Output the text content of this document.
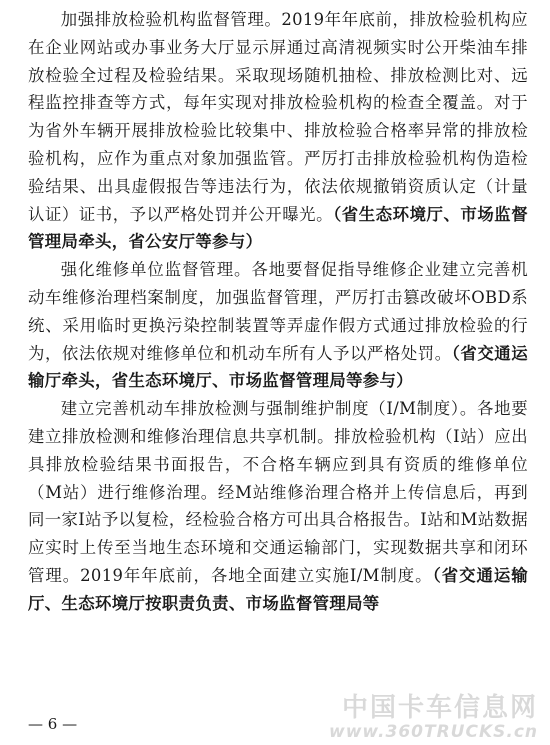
加强排放检验机构监督管理。2019年年底前，排放检验机构应在企业网站或办事业务大厅显示屏通过高清视频实时公开柴油车排放检验全过程及检验结果。采取现场随机抽检、排放检测比对、远程监控排查等方式，每年实现对排放检验机构的检查全覆盖。对于为省外车辆开展排放检验比较集中、排放检验合格率异常的排放检验机构，应作为重点对象加强监管。严厉打击排放检验机构伪造检验结果、出具虚假报告等违法行为，依法依规撤销资质认定（计量认证）证书，予以严格处罚并公开曝光。（省生态环境厅、市场监督管理局牵头，省公安厅等参与）

强化维修单位监督管理。各地要督促指导维修企业建立完善机动车维修治理档案制度，加强监督管理，严厉打击篡改破坏OBD系统、采用临时更换污染控制装置等弄虚作假方式通过排放检验的行为，依法依规对维修单位和机动车所有人予以严格处罚。（省交通运输厅牵头，省生态环境厅、市场监督管理局等参与）

建立完善机动车排放检测与强制维护制度（I/M制度）。各地要建立排放检测和维修治理信息共享机制。排放检验机构（I站）应出具排放检验结果书面报告，不合格车辆应到具有资质的维修单位（M站）进行维修治理。经M站维修治理合格并上传信息后，再到同一家I站予以复检，经检验合格方可出具合格报告。I站和M站数据应实时上传至当地生态环境和交通运输部门，实现数据共享和闭环管理。2019年年底前，各地全面建立实施I/M制度。（省交通运输厅、生态环境厅按职责负责、市场监督管理局等

— 6 —
中国卡车信息网
www.360TRUCKS.cn
